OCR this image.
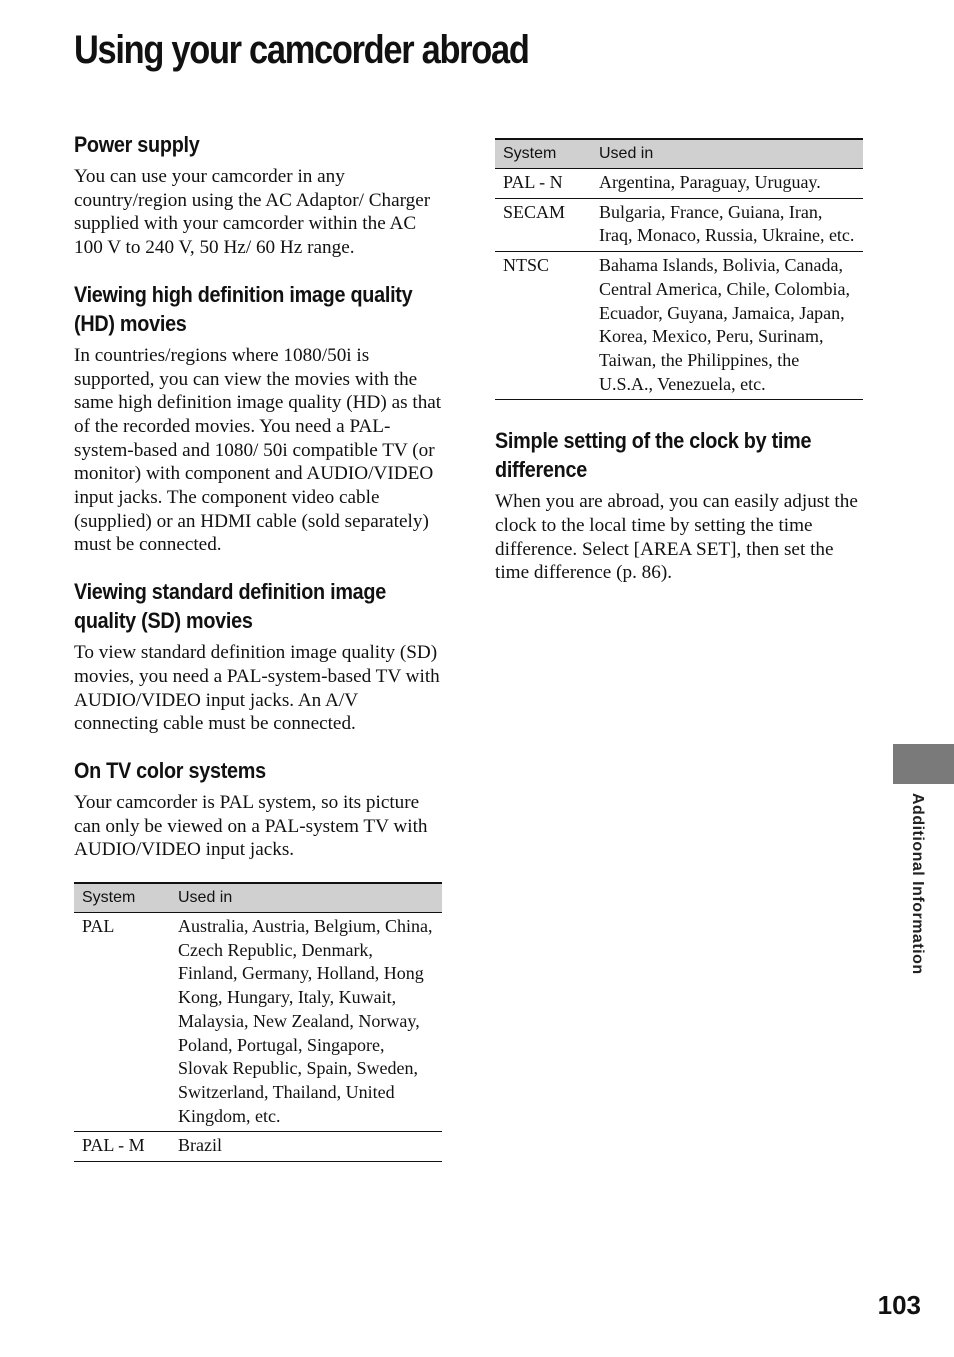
Using your camcorder abroad
Power supply

You can use your camcorder in any country/region using the AC Adaptor/ Charger supplied with your camcorder within the AC 100 V to 240 V, 50 Hz/ 60 Hz range.

Viewing high definition image quality (HD) movies

In countries/regions where 1080/50i is supported, you can view the movies with the same high definition image quality (HD) as that of the recorded movies. You need a PAL-system-based and 1080/ 50i compatible TV (or monitor) with component and AUDIO/VIDEO input jacks. The component video cable (supplied) or an HDMI cable (sold separately) must be connected.

Viewing standard definition image quality (SD) movies

To view standard definition image quality (SD) movies, you need a PAL-system-based TV with AUDIO/VIDEO input jacks. An A/V connecting cable must be connected.

On TV color systems

Your camcorder is PAL system, so its picture can only be viewed on a PAL-system TV with AUDIO/VIDEO input jacks.

System	Used in
PAL	Australia, Austria, Belgium, China, Czech Republic, Denmark, Finland, Germany, Holland, Hong Kong, Hungary, Italy, Kuwait, Malaysia, New Zealand, Norway, Poland, Portugal, Singapore, Slovak Republic, Spain, Sweden, Switzerland, Thailand, United Kingdom, etc.
PAL - M	Brazil
System	Used in
PAL - N	Argentina, Paraguay, Uruguay.
SECAM	Bulgaria, France, Guiana, Iran, Iraq, Monaco, Russia, Ukraine, etc.
NTSC	Bahama Islands, Bolivia, Canada, Central America, Chile, Colombia, Ecuador, Guyana, Jamaica, Japan, Korea, Mexico, Peru, Surinam, Taiwan, the Philippines, the U.S.A., Venezuela, etc.
Simple setting of the clock by time difference

When you are abroad, you can easily adjust the clock to the local time by setting the time difference. Select [AREA SET], then set the time difference (p. 86).

Additional Information
103
